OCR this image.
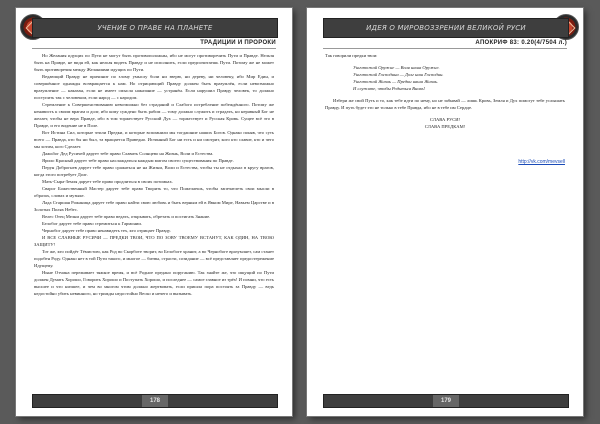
УЧЕНИЕ О ПРАВЕ НА ПЛАНЕТЕ
ТРАДИЦИИ И ПРОРОКИ

Но Желания идущих по Пути не могут быть противоположны, ибо не могут противоречить Пути и Правде. Нельзя быть на Правде, не видя ей, как нельзя видеть Правду и не исполнить, если предпочитаешь Пути. Потому же не может быть противоречия между Желаниями идущих по Пути.

Ведающий Правду не причинит по злому умыслу боли ни зверю, ни дереву, ни человеку, ибо Мир Един, и совершённое однажды возвращается к нам. Но отрицающий Правду должен быть вразумлён, если невозможно вразумление — наказан, если не имеет смысла наказание — устранён. Если нарушил Правду человек, то должно поступить так с человеком, если народ — с народом.

Стремление к Совершенствованию невозможно без страданий и Слабого истребление побеждённого. Потому же ненависть к своим врагам и долг, ибо кому суждено быть рабом — тому должно служить и страдать, но неравный Бог не желает, чтобы не вера Правде, ибо в том торжествует Русский Дух — торжествует и Русская Кровь. Сущее всё это в Правде, и его видение не в Поле.

Вот Истина Сил, которые чтили Предки, и которые вспомнили мы тогдашние наших Богов. Однако поняв, что суть всего — Правда, кто бы ни был, та вращается Праведно. Истинный Бог ни есть и ни смотрит, кого кто славит, кто и чего мы хотим, кого Сделает.

Дажьбог Дед Русичей дарует тебе право Славить Солнцево на Жизнь, Воли и Естества.

Ярило Красный дарует тебе право наслаждаться каждым мигом своего существования по Правде.

Перун Доброгнев дарует тебе право сражаться не на Жизни, Воли и Естества, чтобы ты не отдыхал в кругу врагов, когда этого потребует Долг.

Мать-Сыра-Земля дарует тебе право продлиться в своих потомках.

Сварог Божественный Мастер дарует тебе право Творить то, что Пожелаешь, чтобы запечатлеть свои мысли в образах, словах и музыке.

Лада Старшая Рожаница дарует тебе право найти свою любовь и быть верным ей в Явном Мире, Навьем Царстве и в Золотых Полях Небес.

Велес Отец Мелни дарует тебе право ведать, открывать, обретать и постигать Знание.

Белобог дарует тебе право стремиться к Гармонии.

Чернобог дарует тебе право ненавидеть тех, кто отрицает Правду.

И ВСЕ СЛАВНЫЕ РУСИЧИ — ПРЕДКИ ТВОИ, ЧТО ПО ЗОВУ ТВОЕМУ ВСТАНУТ, КАК ОДИН, НА ТВОЮ ЗАЩИТУ!

Тот же, кто пойдёт Тёмистою, как Род во Скорботе творит, во Белобоге хранит, а во Чернобоге вразумляет, сам станет подобен Роду. Однако нет в той Пути такого, и многое — битвы, страсти, созидание — всё представляет предостережение Идущему.

Ныне Отчина переживает тяжкое время, и всё Родное предано поруганию. Так знайте же, что ищущий по Пути должен Думать Хорошо, Говорить Хорошо и Поступать Хорошо, и последнее — самое главное из трёх! И помни, что есть высшее и что низшее, и чем во многом чтим должно жертвовать, если пришла пора постоять за Правду — ведь недостойно убить невинного, но трижды недостойно Веско и нечего и вызывать.

178
ИДЕЯ О МИРОВОЗЗРЕНИИ ВЕЛИКОЙ РУСИ
АПОКРИФ 83: 0.20(4/7504 л.)

Так говорили предки твои:

Уничтожай Оружие — Воля наша Оружие.

Уничтожай Господина — Долг наш Господин.

Уничтожай Жизнь — Предки наша Жизнь.

И служите, чтобы Родиться Вновь!

Избери же свой Путь и то, как тебе идти по нему, но не забывай — лишь Кровь, Земля и Дух помогут тебе услышать Правду. И путь будет это не только в тебе Правда, ибо не в тебе им Сердце.

СЛАВА РУСИ!

СЛАВА ПРЕДКАМ!

http://vk.com/mevsell
179
